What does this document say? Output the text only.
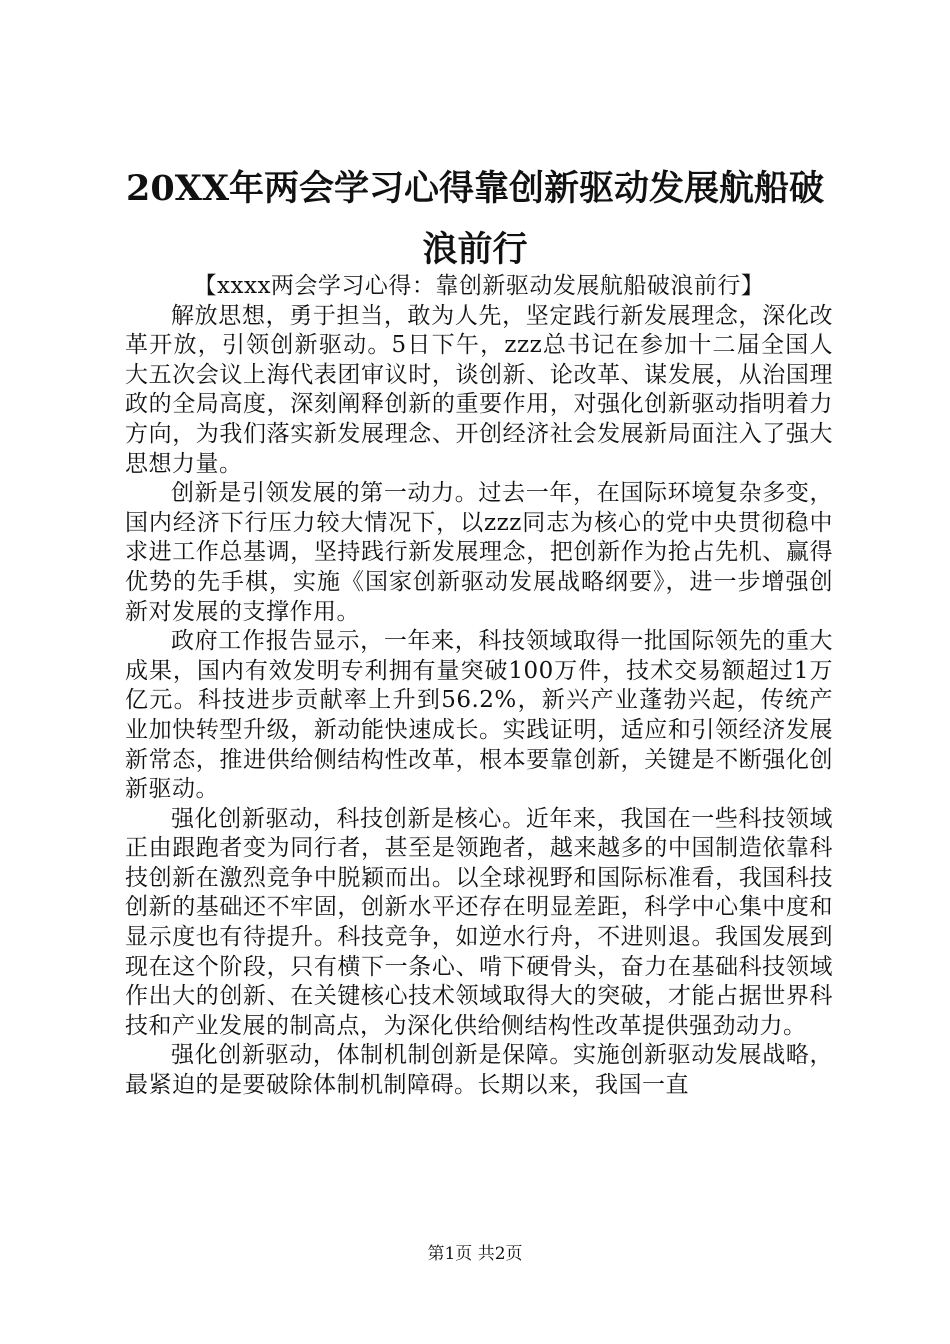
20XX年两会学习心得靠创新驱动发展航船破浪前行

【xxxx两会学习心得：靠创新驱动发展航船破浪前行】

解放思想，勇于担当，敢为人先，坚定践行新发展理念，深化改革开放，引领创新驱动。5日下午，zzz总书记在参加十二届全国人大五次会议上海代表团审议时，谈创新、论改革、谋发展，从治国理政的全局高度，深刻阐释创新的重要作用，对强化创新驱动指明着力方向，为我们落实新发展理念、开创经济社会发展新局面注入了强大思想力量。

创新是引领发展的第一动力。过去一年，在国际环境复杂多变，国内经济下行压力较大情况下，以zzz同志为核心的党中央贯彻稳中求进工作总基调，坚持践行新发展理念，把创新作为抢占先机、赢得优势的先手棋，实施《国家创新驱动发展战略纲要》，进一步增强创新对发展的支撑作用。

政府工作报告显示，一年来，科技领域取得一批国际领先的重大成果，国内有效发明专利拥有量突破100万件，技术交易额超过1万亿元。科技进步贡献率上升到56.2%，新兴产业蓬勃兴起，传统产业加快转型升级，新动能快速成长。实践证明，适应和引领经济发展新常态，推进供给侧结构性改革，根本要靠创新，关键是不断强化创新驱动。

强化创新驱动，科技创新是核心。近年来，我国在一些科技领域正由跟跑者变为同行者，甚至是领跑者，越来越多的中国制造依靠科技创新在激烈竞争中脱颖而出。以全球视野和国际标准看，我国科技创新的基础还不牢固，创新水平还存在明显差距，科学中心集中度和显示度也有待提升。科技竞争，如逆水行舟，不进则退。我国发展到现在这个阶段，只有横下一条心、啃下硬骨头，奋力在基础科技领域作出大的创新、在关键核心技术领域取得大的突破，才能占据世界科技和产业发展的制高点，为深化供给侧结构性改革提供强劲动力。

强化创新驱动，体制机制创新是保障。实施创新驱动发展战略，最紧迫的是要破除体制机制障碍。长期以来，我国一直

第1页 共2页
